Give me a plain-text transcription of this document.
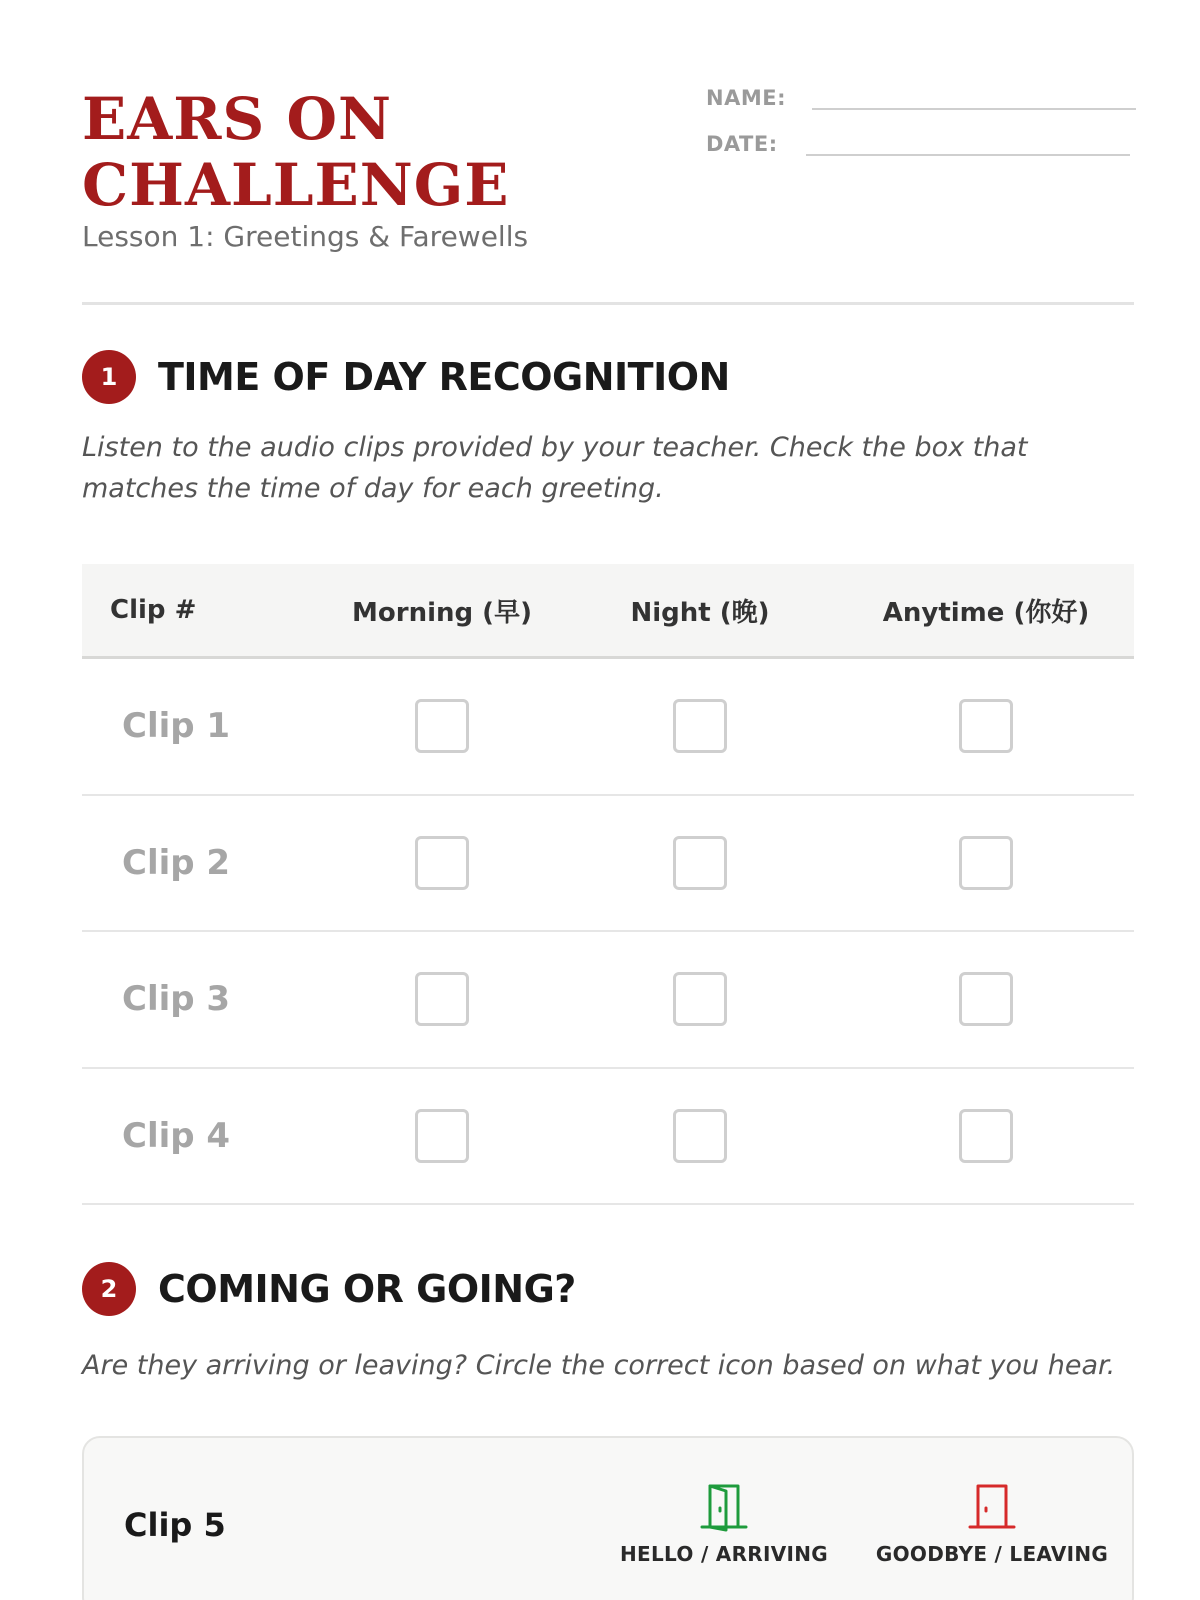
EARS ON
CHALLENGE
Lesson 1: Greetings & Farewells
NAME:
DATE:
1	TIME OF DAY RECOGNITION
Listen to the audio clips provided by your teacher. Check the box that matches the time of day for each greeting.
Clip #	Morning (早)	Night (晚)	Anytime (你好)
Clip 1
Clip 2
Clip 3
Clip 4
2	COMING OR GOING?
Are they arriving or leaving? Circle the correct icon based on what you hear.
Clip 5
HELLO / ARRIVING GOODBYE / LEAVING
